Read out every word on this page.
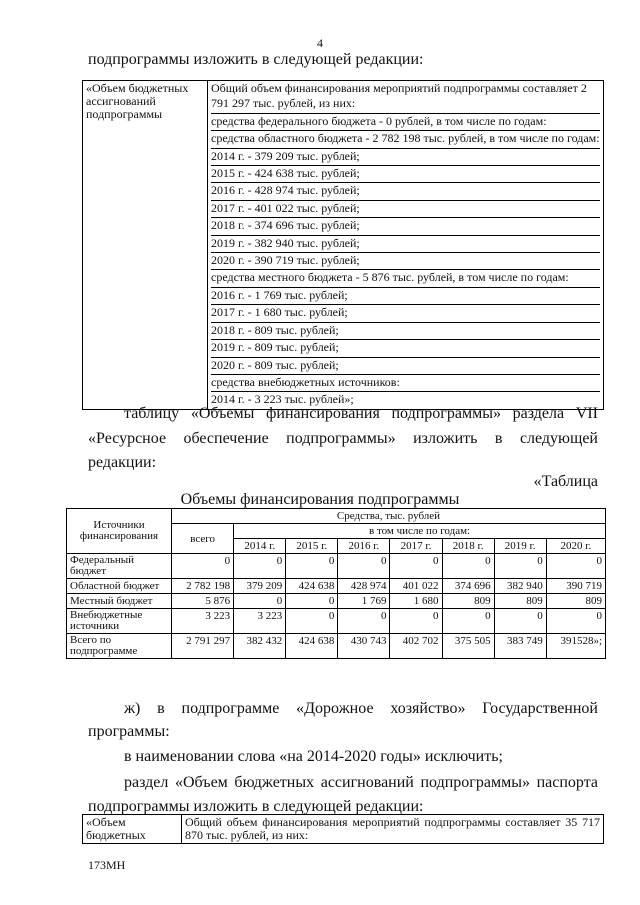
4
подпрограммы изложить в следующей редакции:
«Объем бюджетных ассигнований подпрограммы	
Общий объем финансирования мероприятий подпрограммы составляет 2 791 297 тыс. рублей, из них:
средства федерального бюджета - 0 рублей, в том числе по годам:
средства областного бюджета - 2 782 198 тыс. рублей, в том числе по годам:
2014 г. - 379 209 тыс. рублей;
2015 г. - 424 638 тыс. рублей;
2016 г. - 428 974 тыс. рублей;
2017 г. - 401 022 тыс. рублей;
2018 г. - 374 696 тыс. рублей;
2019 г. - 382 940 тыс. рублей;
2020 г. - 390 719 тыс. рублей;
средства местного бюджета - 5 876 тыс. рублей, в том числе по годам:
2016 г. - 1 769 тыс. рублей;
2017 г. - 1 680 тыс. рублей;
2018 г. - 809 тыс. рублей;
2019 г. - 809 тыс. рублей;
2020 г. - 809 тыс. рублей;
средства внебюджетных источников:
2014 г. - 3 223 тыс. рублей»;
таблицу «Объемы финансирования подпрограммы» раздела VII
«Ресурсное обеспечение подпрограммы» изложить в следующей
редакции:
«Таблица
Объемы финансирования подпрограммы
Источники финансирования	Средства, тыс. рублей							
	всего	в том числе по годам:						
		2014 г.	2015 г.	2016 г.	2017 г.	2018 г.	2019 г.	2020 г.
Федеральный бюджет	0	0	0	0	0	0	0	0
Областной бюджет	2 782 198	379 209	424 638	428 974	401 022	374 696	382 940	390 719
Местный бюджет	5 876	0	0	1 769	1 680	809	809	809
Внебюджетные источники	3 223	3 223	0	0	0	0	0	0
Всего по подпрограмме	2 791 297	382 432	424 638	430 743	402 702	375 505	383 749	391528»;
ж) в подпрограмме «Дорожное хозяйство» Государственной
программы:
в наименовании слова «на 2014-2020 годы» исключить;
раздел «Объем бюджетных ассигнований подпрограммы» паспорта
подпрограммы изложить в следующей редакции:
«Объем бюджетных	Общий объем финансирования мероприятий подпрограммы составляет 35 717 870 тыс. рублей, из них:
173МН
